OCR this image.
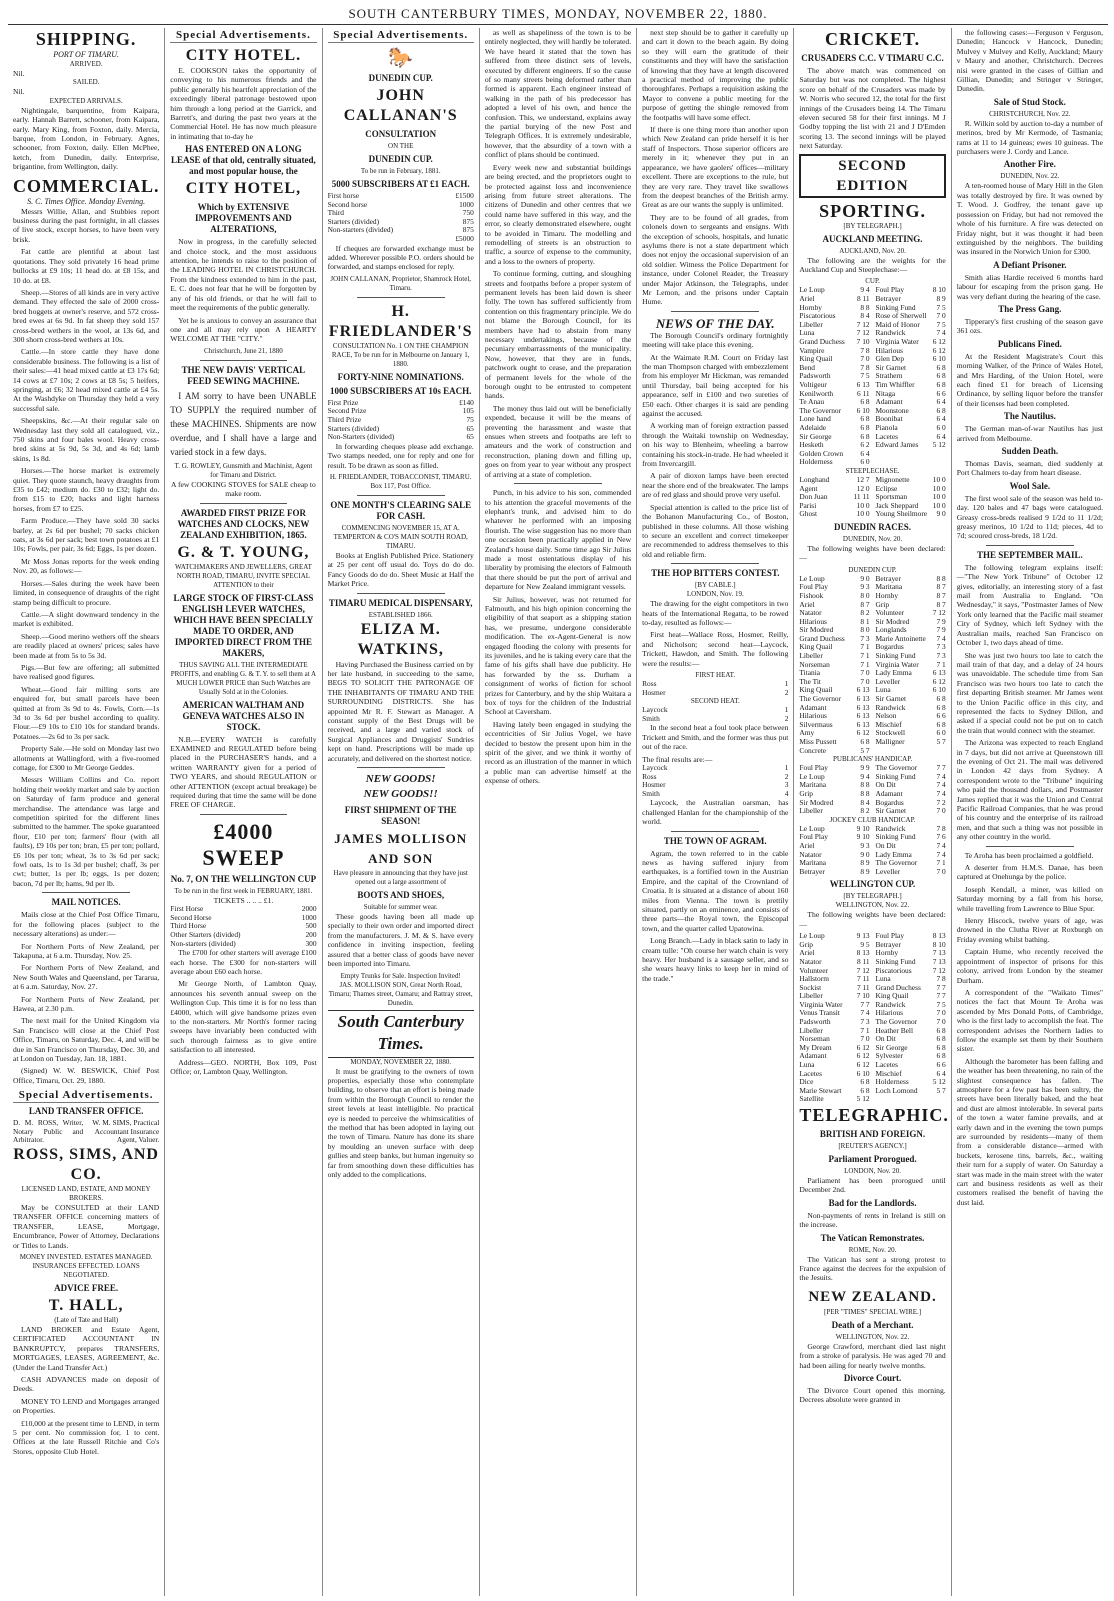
SOUTH CANTERBURY TIMES, MONDAY, NOVEMBER 22, 1880.
SHIPPING.
PORT OF TIMARU.
ARRIVED.
Nil.
SAILED.
Nil.
EXPECTED ARRIVALS.

Nightingale, barquentine, from Kaipara, early. Hannah Barrett, schooner, from Kaipara, early. Mary King, from Foxton, daily. Mercia, barque, from London, in February. Agnes, schooner, from Foxton, daily. Ellen McPhee, ketch, from Dunedin, daily. Enterprise, brigantine, from Wellington, daily.

COMMERCIAL.
S. C. Times Office. Monday Evening.

Messrs Willie, Allan, and Stubbies report business during the past fortnight, in all classes of live stock, except horses, to have been very brisk.

Fat cattle are plentiful at about last quotations. They sold privately 16 head prime bullocks at £9 10s; 11 head do. at £8 15s, and 10 do. at £8.

Sheep.—Stores of all kinds are in very active demand. They effected the sale of 2000 cross-bred hoggets at owner's reserve, and 572 cross-bred ewes at 6s 9d. In fat sheep they sold 157 cross-bred wethers in the wool, at 13s 6d, and 300 shorn cross-bred wethers at 10s.

Cattle.—In store cattle they have done considerable business. The following is a list of their sales:—41 head mixed cattle at £3 17s 6d; 14 cows at £7 10s; 2 cows at £8 5s; 5 heifers, springing, at £6; 32 head mixed cattle at £4 5s. At the Washdyke on Thursday they held a very successful sale.

Sheepskins, &c.—At their regular sale on Wednesday last they sold all catalogued, viz., 750 skins and four bales wool. Heavy cross-bred skins at 5s 9d, 5s 3d, and 4s 6d; lamb skins, 1s 8d.

Horses.—The horse market is extremely quiet. They quote staunch, heavy draughts from £35 to £42; medium do. £30 to £32; light do. from £15 to £20; hacks and light harness horses, from £7 to £25.

Farm Produce.—They have sold 30 sacks barley, at 2s 6d per bushel; 70 sacks chicken oats, at 3s 6d per sack; best town potatoes at £1 10s; Fowls, per pair, 3s 6d; Eggs, 1s per dozen.

Mr Moss Jonas reports for the week ending Nov. 20, as follows:—

Horses.—Sales during the week have been limited, in consequence of draughts of the right stamp being difficult to procure.

Cattle.—A slight downward tendency in the market is exhibited.

Sheep.—Good merino wethers off the shears are readily placed at owners' prices; sales have been made at from 5s to 5s 3d.

Pigs.—But few are offering; all submitted have realised good figures.

Wheat.—Good fair milling sorts are enquired for, but small parcels have been quitted at from 3s 9d to 4s. Fowls, Corn.—1s 3d to 3s 6d per bushel according to quality. Flour.—£9 10s to £10 10s for standard brands. Potatoes.—2s 6d to 3s per sack.

Property Sale.—He sold on Monday last two allotments at Wallingford, with a five-roomed cottage, for £300 to Mr George Geddes.

Messrs William Collins and Co. report holding their weekly market and sale by auction on Saturday of farm produce and general merchandise. The attendance was large and competition spirited for the different lines submitted to the hammer. The spoke guaranteed flour, £10 per ton; farmers' flour (with all faults), £9 10s per ton; bran, £5 per ton; pollard, £6 10s per ton; wheat, 3s to 3s 6d per sack; fowl oats, 1s to 1s 3d per bushel; chaff, 3s per cwt; butter, 1s per lb; eggs, 1s per dozen; bacon, 7d per lb; hams, 9d per lb.

MAIL NOTICES.

Mails close at the Chief Post Office Timaru, for the following places (subject to the necessary alterations) as under:—

For Northern Ports of New Zealand, per Takapuna, at 6 a.m. Thursday, Nov. 25.

For Northern Ports of New Zealand, and New South Wales and Queensland, per Tararua, at 6 a.m. Saturday, Nov. 27.

For Northern Ports of New Zealand, per Hawea, at 2.30 p.m.

The next mail for the United Kingdom via San Francisco will close at the Chief Post Office, Timaru, on Saturday, Dec. 4, and will be due in San Francisco on Thursday, Dec. 30, and at London on Tuesday, Jan. 18, 1881.

(Signed) W. W. BESWICK, Chief Post Office, Timaru, Oct. 29, 1880.

Special Advertisements.
LAND TRANSFER OFFICE.
D. M. ROSS, Writer, Notary Public and Arbitrator.
W. M. SIMS, Practical Accountant Insurance Agent, Valuer.
ROSS, SIMS, AND CO.
LICENSED LAND, ESTATE, AND MONEY BROKERS.

May be CONSULTED at their LAND TRANSFER OFFICE concerning matters of TRANSFER, LEASE, Mortgage, Encumbrance, Power of Attorney, Declarations or Titles to Lands.

MONEY INVESTED. ESTATES MANAGED. INSURANCES EFFECTED. LOANS NEGOTIATED.
ADVICE FREE.
T. HALL,
(Late of Tate and Hall)

LAND BROKER and Estate Agent, CERTIFICATED ACCOUNTANT IN BANKRUPTCY, prepares TRANSFERS, MORTGAGES, LEASES, AGREEMENT, &c. (Under the Land Transfer Act.)

CASH ADVANCES made on deposit of Deeds.

MONEY TO LEND and Mortgages arranged on Properties.

£10,000 at the present time to LEND, in term 5 per cent. No commission for, 1 to cent. Offices at the late Russell Ritchie and Co's Stores, opposite Club Hotel.

Special Advertisements.
CITY HOTEL.

E. COOKSON takes the opportunity of conveying to his numerous friends and the public generally his heartfelt appreciation of the exceedingly liberal patronage bestowed upon him through a long period at the Garrick, and Barrett's, and during the past two years at the Commercial Hotel. He has now much pleasure in intimating that to-day he

HAS ENTERED ON A LONG LEASE of that old, centrally situated, and most popular house, the
CITY HOTEL,
Which by EXTENSIVE IMPROVEMENTS AND ALTERATIONS,

Now in progress, in the carefully selected and choice stock, and the most assiduous attention, he intends to raise to the position of the LEADING HOTEL IN CHRISTCHURCH. From the kindness extended to him in the past, E. C. does not fear that he will be forgotten by any of his old friends, or that he will fail to meet the requirements of the public generally.

Yet he is anxious to convey an assurance that one and all may rely upon A HEARTY WELCOME AT THE "CITY."

Christchurch, June 21, 1880
THE NEW DAVIS' VERTICAL FEED SEWING MACHINE.

I AM sorry to have been UNABLE TO SUPPLY the required number of these MACHINES. Shipments are now overdue, and I shall have a large and varied stock in a few days.

T. G. ROWLEY, Gunsmith and Machinist, Agent for Timaru and District.

A few COOKING STOVES for SALE cheap to make room.

AWARDED FIRST PRIZE FOR WATCHES AND CLOCKS, NEW ZEALAND EXHIBITION, 1865.
G. & T. YOUNG,
WATCHMAKERS AND JEWELLERS, GREAT NORTH ROAD, TIMARU, INVITE SPECIAL ATTENTION to their
LARGE STOCK OF FIRST-CLASS ENGLISH LEVER WATCHES, WHICH HAVE BEEN SPECIALLY MADE TO ORDER, AND IMPORTED DIRECT FROM THE MAKERS,
THUS SAVING ALL THE INTERMEDIATE PROFITS, and enabling G. & T. Y. to sell them at A MUCH LOWER PRICE than Such Watches are Usually Sold at in the Colonies.
AMERICAN WALTHAM AND GENEVA WATCHES ALSO IN STOCK.

N.B.—EVERY WATCH is carefully EXAMINED and REGULATED before being placed in the PURCHASER'S hands, and a written WARRANTY given for a period of TWO YEARS, and should REGULATION or other ATTENTION (except actual breakage) be required during that time the same will be done FREE OF CHARGE.

£4000 SWEEP
No. 7, ON THE WELLINGTON CUP
To be run in the first week in FEBRUARY, 1881.
TICKETS .. .. .. £1.
First Horse	2000
Second Horse	1000
Third Horse	500
Other Starters (divided)	200
Non-starters (divided)	300

The £700 for other starters will average £100 each horse. The £300 for non-starters will average about £60 each horse.

Mr George North, of Lambton Quay, announces his seventh annual sweep on the Wellington Cup. This time it is for no less than £4000, which will give handsome prizes even to the non-starters. Mr North's former racing sweeps have invariably been conducted with such thorough fairness as to give entire satisfaction to all interested.

Address—GEO. NORTH, Box 109, Post Office; or, Lambton Quay, Wellington.

Special Advertisements.
🐎
DUNEDIN CUP.
JOHN CALLANAN'S
CONSULTATION
ON THE
DUNEDIN CUP.
To be run in February, 1881.
5000 SUBSCRIBERS AT £1 EACH.
First horse	£1500
Second horse	1000
Third	750
Starters (divided)	875
Non-starters (divided)	875
£5000

If cheques are forwarded exchange must be added. Wherever possible P.O. orders should be forwarded, and stamps enclosed for reply.

JOHN CALLANAN, Proprietor, Shamrock Hotel, Timaru.
H. FRIEDLANDER'S
CONSULTATION No. 1 ON THE CHAMPION RACE, To be run for in Melbourne on January 1, 1880.
FORTY-NINE NOMINATIONS.
1000 SUBSCRIBERS AT 10s EACH.
First Prize	£140
Second Prize	105
Third Prize	75
Starters (divided)	65
Non-Starters (divided)	65

In forwarding cheques please add exchange. Two stamps needed, one for reply and one for result. To be drawn as soon as filled.

H. FRIEDLANDER, TOBACCONIST, TIMARU. Box 117, Post Office.
ONE MONTH'S CLEARING SALE FOR CASH.
COMMENCING NOVEMBER 15, AT A. TEMPERTON & CO'S MAIN SOUTH ROAD, TIMARU.

Books at English Published Price. Stationery at 25 per cent off usual do. Toys do do do. Fancy Goods do do do. Sheet Music at Half the Market Price.

TIMARU MEDICAL DISPENSARY,
ESTABLISHED 1866.
ELIZA M. WATKINS,

Having Purchased the Business carried on by her late husband, in succeeding to the same, BEGS TO SOLICIT THE PATRONAGE OF THE INHABITANTS OF TIMARU AND THE SURROUNDING DISTRICTS. She has appointed Mr R. F. Stewart as Manager. A constant supply of the Best Drugs will be received, and a large and varied stock of Surgical Appliances and Druggists' Sundries kept on hand. Prescriptions will be made up accurately, and delivered on the shortest notice.

NEW GOODS!
NEW GOODS!!
FIRST SHIPMENT OF THE SEASON!
JAMES MOLLISON AND SON
Have pleasure in announcing that they have just opened out a large assortment of
BOOTS AND SHOES,
Suitable for summer wear.

These goods having been all made up specially to their own order and imported direct from the manufacturers. J. M. & S. have every confidence in inviting inspection, feeling assured that a better class of goods have never been imported into Timaru.

Empty Trunks for Sale. Inspection Invited!
JAS. MOLLISON SON, Great North Road, Timaru; Thames street, Oamaru; and Rattray street, Dunedin.
South Canterbury Times.
MONDAY, NOVEMBER 22, 1880.

It must be gratifying to the owners of town properties, especially those who contemplate building, to observe that an effort is being made from within the Borough Council to render the street levels at least intelligible. No practical eye is needed to perceive the whimsicalities of the method that has been adopted in laying out the town of Timaru. Nature has done its share by moulding an uneven surface with deep gullies and steep banks, but human ingenuity so far from smoothing down these difficulties has only added to the complications.

as well as shapeliness of the town is to be entirely neglected, they will hardly be tolerated. We have heard it stated that the town has suffered from three distinct sets of levels, executed by different engineers. If so the cause of so many streets being deformed rather than formed is apparent. Each engineer instead of walking in the path of his predecessor has adopted a level of his own, and hence the confusion. This, we understand, explains away the partial burying of the new Post and Telegraph Offices. It is extremely undesirable, however, that the absurdity of a town with a conflict of plans should be continued.

Every week new and substantial buildings are being erected, and the proprietors ought to be protected against loss and inconvenience arising from future street alterations. The citizens of Dunedin and other centres that we could name have suffered in this way, and the error, so clearly demonstrated elsewhere, ought to be avoided in Timaru. The modelling and remodelling of streets is an obstruction to traffic, a source of expense to the community, and a loss to the owners of property.

To continue forming, cutting, and sloughing streets and footpaths before a proper system of permanent levels has been laid down is sheer folly. The town has suffered sufficiently from contention on this fragmentary principle. We do not blame the Borough Council, for its members have had to abstain from many necessary undertakings, because of the pecuniary embarrassments of the municipality. Now, however, that they are in funds, patchwork ought to cease, and the preparation of permanent levels for the whole of the borough ought to be entrusted to competent hands.

The money thus laid out will be beneficially expended, because it will be the means of preventing the harassment and waste that ensues when streets and footpaths are left to amateurs and the work of construction and reconstruction, planing down and filling up, goes on from year to year without any prospect of arriving at a state of completion.

Punch, in his advice to his son, commended to his attention the graceful movements of the elephant's trunk, and advised him to do whatever he performed with an imposing flourish. The wise suggestion has no more than one occasion been practically applied in New Zealand's house daily. Some time ago Sir Julius made a most ostentatious display of his liberality by promising the electors of Falmouth that there should be put the port of arrival and departure for New Zealand immigrant vessels.

Sir Julius, however, was not returned for Falmouth, and his high opinion concerning the eligibility of that seaport as a shipping station has, we presume, undergone considerable modification. The ex-Agent-General is now engaged flooding the colony with presents for its juveniles, and he is taking every care that the fame of his gifts shall have due publicity. He has forwarded by the ss. Durham a consignment of works of fiction for school prizes for Canterbury, and by the ship Waitara a box of toys for the children of the Industrial School at Caversham.

Having lately been engaged in studying the eccentricities of Sir Julius Vogel, we have decided to bestow the present upon him in the spirit of the giver, and we think it worthy of record as an illustration of the manner in which a public man can advertise himself at the expense of others.

next step should be to gather it carefully up and cart it down to the beach again. By doing so they will earn the gratitude of their constituents and they will have the satisfaction of knowing that they have at length discovered a practical method of improving the public thoroughfares. Perhaps a requisition asking the Mayor to convene a public meeting for the purpose of getting the shingle removed from the footpaths will have some effect.

If there is one thing more than another upon which New Zealand can pride herself it is her staff of Inspectors. Those superior officers are merely in it; whenever they put in an appearance, we have gaolers' offices—military excellent. There are exceptions to the rule, but they are very rare. They travel like swallows from the deepest branches of the British army. Great as are our wants the supply is unlimited.

They are to be found of all grades, from colonels down to sergeants and ensigns. With the exception of schools, hospitals, and lunatic asylums there is not a state department which does not enjoy the occasional supervision of an old soldier. Witness the Police Department for instance, under Colonel Reader, the Treasury under Major Atkinson, the Telegraphs, under Mr Lemon, and the prisons under Captain Hume.

NEWS OF THE DAY.

The Borough Council's ordinary fortnightly meeting will take place this evening.

At the Waimate R.M. Court on Friday last the man Thompson charged with embezzlement from his employer Mr Hickman, was remanded until Thursday, bail being accepted for his appearance, self in £100 and two sureties of £50 each. Other charges it is said are pending against the accused.

A working man of foreign extraction passed through the Waitaki township on Wednesday, on his way to Blenheim, wheeling a barrow containing his stock-in-trade. He had wheeled it from Invercargill.

A pair of dioxon lamps have been erected near the shore end of the breakwater. The lamps are of red glass and should prove very useful.

Special attention is called to the price list of the Bohanon Manufacturing Co., of Boston, published in these columns. All those wishing to secure an excellent and correct timekeeper are recommended to address themselves to this old and reliable firm.

THE HOP BITTERS CONTEST.
[BY CABLE.]
LONDON, Nov. 19.

The drawing for the eight competitors in two heats of the International Regatta, to be rowed to-day, resulted as follows:—

First heat—Wallace Ross, Hosmer, Reilly, and Nicholson; second heat—Laycock, Trickett, Hawdon, and Smith. The following were the results:—

FIRST HEAT.
Ross	1
Hosmer	2
SECOND HEAT.
Laycock	1
Smith	2

In the second heat a foul took place between Trickett and Smith, and the former was thus put out of the race.

The final results are:—
Laycock	1
Ross	2
Hosmer	3
Smith	4

Laycock, the Australian oarsman, has challenged Hanlan for the championship of the world.

THE TOWN OF AGRAM.

Agram, the town referred to in the cable news as having suffered injury from earthquakes, is a fortified town in the Austrian Empire, and the capital of the Crownland of Croatia. It is situated at a distance of about 160 miles from Vienna. The town is prettily situated, partly on an eminence, and consists of three parts—the Royal town, the Episcopal town, and the quarter called Upatowina.

Long Branch.—Lady in black satin to lady in cream tulle: "Oh course her watch chain is very heavy. Her husband is a sausage seller, and so she wears heavy links to keep her in mind of the trade."

CRICKET.
CRUSADERS C.C. V TIMARU C.C.

The above match was commenced on Saturday but was not completed. The highest score on behalf of the Crusaders was made by W. Norris who secured 12, the total for the first innings of the Crusaders being 14. The Timaru eleven secured 58 for their first innings. M J Godby topping the list with 21 and J D'Emden scoring 13. The second innings will be played next Saturday.

SECOND EDITION
SPORTING.
[BY TELEGRAPH.]
AUCKLAND MEETING.
AUCKLAND, Nov. 20.

The following are the weights for the Auckland Cup and Steeplechase:—

CUP.
Le Loup	9 4 Foul Play	8 10
Ariel	8 11 Betrayer	8 9
Hornby	8 8 Sinking Fund	7 5
Piscatorious	8 4 Rose of Sherwell 7 0
Libeller	7 12 Maid of Honor 7 5
Luna	7 12 Randwick	7 4
Grand Duchess 7 10 Virginia Water 6 12
Vampire	7 8 Hilarious	6 12
King Quail	7 0 Glen Dep	6 10
Bend	7 8 Sir Garnet	6 8
Padsworth	7 5 Strathern	6 8
Voltigeur	6 13 Tim Whiffler	6 8
Kenilworth	6 11 Nitaga	6 6
Te Anau	6 8 Adamant	6 4
The Governor 6 10 Moonstone	6 8
Lone hand	6 8 Boonibat	6 4
Adelaide	6 8 Pianola	6 0
Sir George	6 8 Lacetes	6 4
Hesketh	6 2 Edward James 5 12
Golden Crown 6 4
Holderness	6 0
STEEPLECHASE.
Longhand	12 7 Mignonette	10 0
Agent	12 0 Eclipse	10 0
Don Juan	11 11 Sportsman	10 0
Parisi	10 0 Jack Sheppard 10 0
Ghost	10 0 Young Sheilmore 9 0
DUNEDIN RACES.
DUNEDIN, Nov. 20.

The following weights have been declared:—

DUNEDIN CUP.
Le Loup	9 0 Betrayer	8 8
Foul Play	9 3 Maritana	8 7
Fishook	8 0 Hornby	8 7
Ariel	8 7 Grip	8 7
Natator	8 2 Volunteer	7 12
Hilarious	8 1 Sir Modred	7 9
Sir Modred	8 0 Longlands	7 9
Grand Duchess 7 3 Marie Antoinette 7 4
King Quail	7 1 Bogardus	7 3
Libeller	7 1 Sinking Fund	7 3
Norseman	7 1 Virginia Water 7 1
Titania	7 0 Lady Emma	6 13
The Tit	7 0 Leveller	6 12
King Quail	6 13 Luna	6 10
The Governor 6 13 Sir Garnet	6 8
Adamant	6 13 Randwick	6 8
Hilarious	6 13 Nelson	6 6
Silvermaus	6 13 Mischief	6 8
Amy	6 12 Stockwell	6 0
Miss Pussett	6 8 Malligner	5 7
Concrete	5 7
PUBLICANS' HANDICAP.
Foul Play	9 9 The Governor	7 7
Le Loup	9 4 Sinking Fund	7 4
Maritana	8 8 On Dit	7 4
Grip	8 8 Adamant	7 4
Sir Modred	8 4 Bogardus	7 2
Libeller	8 2 Sir Garnet	7 0
JOCKEY CLUB HANDICAP.
Le Loup	9 10 Randwick	7 8
Foul Play	9 10 Sinking Fund	7 6
Ariel	9 3 On Dit	7 4
Natator	9 0 Lady Emma	7 4
Maritana	8 9 The Governor	7 1
Betrayer	8 9 Leveller	7 0
WELLINGTON CUP.
[BY TELEGRAPH.]
WELLINGTON, Nov. 22.

The following weights have been declared:—

Le Loup	9 13 Foul Play	8 13
Grip	9 5 Betrayer	8 10
Ariel	8 13 Hornby	7 13
Natator	8 11 Sinking Fund 7 13
Volunteer	7 12 Piscatorious	7 12
Hallstorm	7 11 Luna	7 8
Sockist	7 11 Grand Duchess 7 7
Libeller	7 10 King Quail	7 7
Virginia Water 7 7 Randwick	7 5
Venus Transit	7 4 Hilarious	7 0
Padsworth	7 3 The Governor	7 0
Libeller	7 1 Heather Bell	6 8
Norseman	7 0 On Dit	6 8
My Dream	6 12 Sir George	6 8
Adamant	6 12 Sylvester	6 8
Luna	6 12 Lacetes	6 6
Lacetes	6 10 Mischief	6 4
Dice	6 8 Holderness	5 12
Marie Stewart	6 8 Loch Lomond	5 7
Satellite	5 12
TELEGRAPHIC.
BRITISH AND FOREIGN.
[REUTER'S AGENCY.]
Parliament Prorogued.
LONDON, Nov. 20.

Parliament has been prorogued until December 2nd.

Bad for the Landlords.

Non-payments of rents in Ireland is still on the increase.

The Vatican Remonstrates.
ROME, Nov. 20.

The Vatican has sent a strong protest to France against the decrees for the expulsion of the Jesuits.

NEW ZEALAND.
[PER "TIMES" SPECIAL WIRE.]
Death of a Merchant.
WELLINGTON, Nov. 22.

George Crawford, merchant died last night from a stroke of paralysis. He was aged 70 and had been ailing for nearly twelve months.

Divorce Court.

The Divorce Court opened this morning. Decrees absolute were granted in

the following cases:—Ferguson v Ferguson, Dunedin; Hancock v Hancock, Dunedin; Mulvey v Mulvey and Kelly, Auckland; Maury v Maury and another, Christchurch. Decrees nisi were granted in the cases of Gillian and Gillian, Dunedin; and Stringer v Stringer, Dunedin.

Sale of Stud Stock.
CHRISTCHURCH, Nov. 22.

R. Wilkin sold by auction to-day a number of merinos, bred by Mr Kermode, of Tasmania; rams at 11 to 14 guineas; ewes 10 guineas. The purchasers were J. Cordy and Lance.

Another Fire.
DUNEDIN, Nov. 22.

A ten-roomed house of Mary Hill in the Glen was totally destroyed by fire. It was owned by T. Wood. J. Godfrey, the tenant gave up possession on Friday, but had not removed the whole of his furniture. A fire was detected on Friday night, but it was thought it had been extinguished by the neighbors. The building was insured in the Norwich Union for £300.

A Defiant Prisoner.

Smith alias Hardie received 6 months hard labour for escaping from the prison gang. He was very defiant during the hearing of the case.

The Press Gang.

Tipperary's first crushing of the season gave 361 ozs.

Publicans Fined.

At the Resident Magistrate's Court this morning Walker, of the Prince of Wales Hotel, and Mrs Harding, of the Union Hotel, were each fined £1 for breach of Licensing Ordinance, by selling liquor before the transfer of their licenses had been completed.

The Nautilus.

The German man-of-war Nautilus has just arrived from Melbourne.

Sudden Death.

Thomas Davis, seaman, died suddenly at Port Chalmers to-day from heart disease.

Wool Sale.

The first wool sale of the season was held to-day. 120 bales and 47 bags were catalogued. Greasy cross-breds realised 9 1/2d to 11 1/2d; greasy merinos, 10 1/2d to 11d; pieces, 4d to 7d; scoured cross-breds, 18 1/2d.

THE SEPTEMBER MAIL.

The following telegram explains itself:—"The New York Tribune" of October 12 gives, editorially, an interesting story of a fast mail from Australia to England. "On Wednesday," it says, "Postmaster James of New York only learned that the Pacific mail steamer City of Sydney, which left Sydney with the Australian mails, reached San Francisco on October 1, two days ahead of time.

She was just two hours too late to catch the mail train of that day, and a delay of 24 hours was unavoidable. The schedule time from San Francisco was two hours too late to catch the first departing British steamer. Mr James went to the Union Pacific office in this city, and represented the facts to Sydney Dillon, and asked if a special could not be put on to catch the train that would connect with the steamer.

The Arizona was expected to reach England in 7 days, but did not arrive at Queenstown till the evening of Oct 21. The mail was delivered in London 42 days from Sydney. A correspondent wrote to the "Tribune" inquiring who paid the thousand dollars, and Postmaster James replied that it was the Union and Central Pacific Railroad Companies, that he was proud of his country and the enterprise of its railroad men, and that such a thing was not possible in any other country in the world.

Te Aroha has been proclaimed a goldfield.

A deserter from H.M.S. Danae, has been captured at Onehunga by the police.

Joseph Kendall, a miner, was killed on Saturday morning by a fall from his horse, while travelling from Lawrence to Blue Spur.

Henry Hiscock, twelve years of age, was drowned in the Clutha River at Roxburgh on Friday evening whilst bathing.

Captain Hume, who recently received the appointment of inspector of prisons for this colony, arrived from London by the steamer Durham.

A correspondent of the "Waikato Times" notices the fact that Mount Te Aroha was ascended by Mrs Donald Potts, of Cambridge, who is the first lady to accomplish the feat. The correspondent advises the Northern ladies to follow the example set them by their Southern sister.

Although the barometer has been falling and the weather has been threatening, no rain of the slightest consequence has fallen. The atmosphere for a few past has been sultry, the streets have been literally baked, and the heat and dust are almost intolerable. In several parts of the town a water famine prevails, and at early dawn and in the evening the town pumps are surrounded by residents—many of them from a considerable distance—armed with buckets, kerosene tins, barrels, &c., waiting their turn for a supply of water. On Saturday a start was made in the main street with the water cart and business residents as well as their customers realised the benefit of having the dust laid.
